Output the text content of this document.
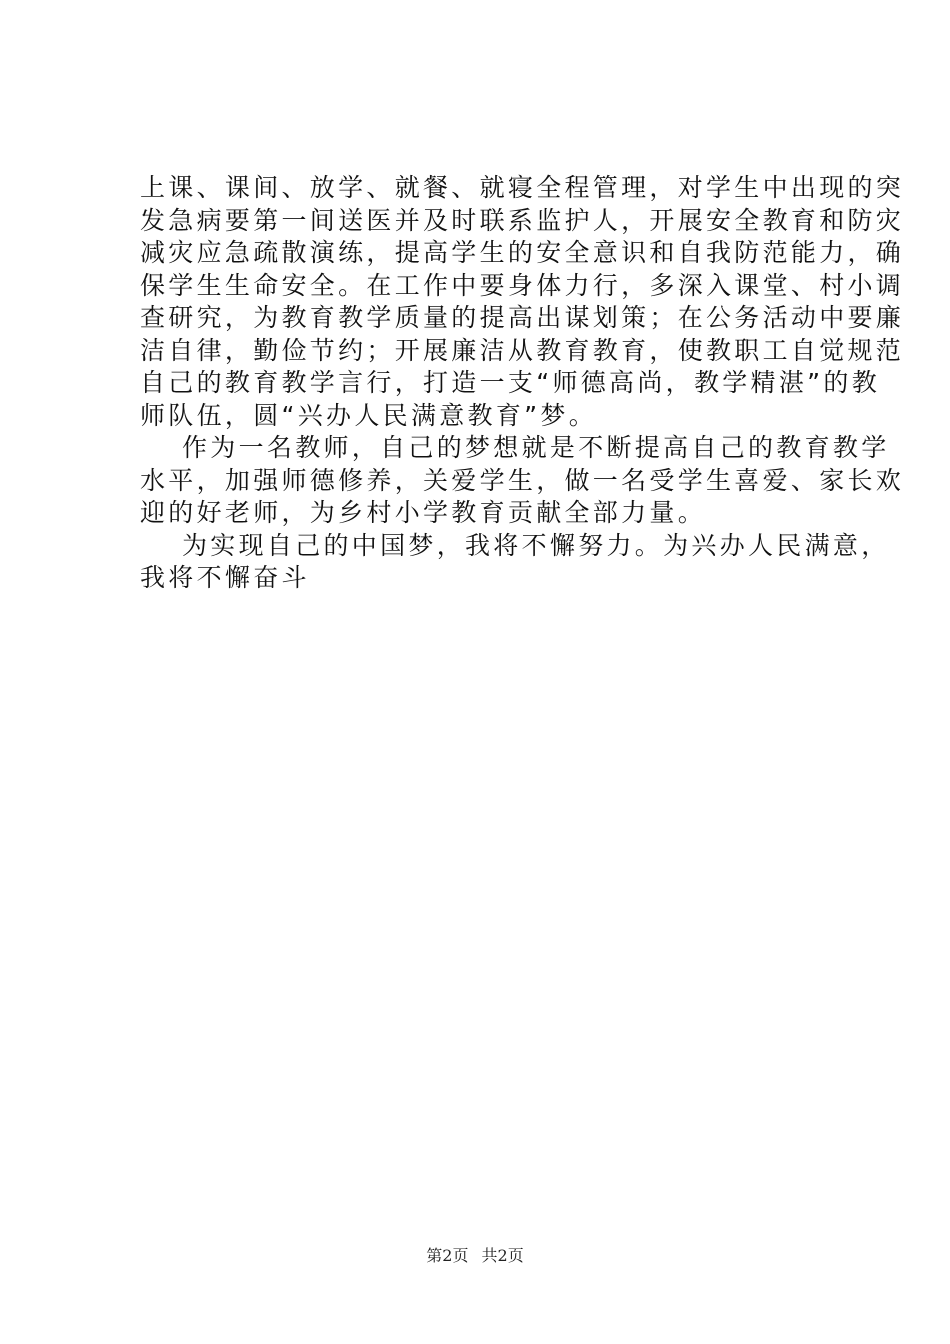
上课、课间、放学、就餐、就寝全程管理，对学生中出现的突
发急病要第一间送医并及时联系监护人，开展安全教育和防灾
减灾应急疏散演练，提高学生的安全意识和自我防范能力，确
保学生生命安全。在工作中要身体力行，多深入课堂、村小调
查研究，为教育教学质量的提高出谋划策；在公务活动中要廉
洁自律，勤俭节约；开展廉洁从教育教育，使教职工自觉规范
自己的教育教学言行，打造一支“师德高尚，教学精湛”的教
师队伍，圆“兴办人民满意教育”梦。
作为一名教师，自己的梦想就是不断提高自己的教育教学
水平，加强师德修养，关爱学生，做一名受学生喜爱、家长欢
迎的好老师，为乡村小学教育贡献全部力量。
为实现自己的中国梦，我将不懈努力。为兴办人民满意，
我将不懈奋斗
第2页 共2页
